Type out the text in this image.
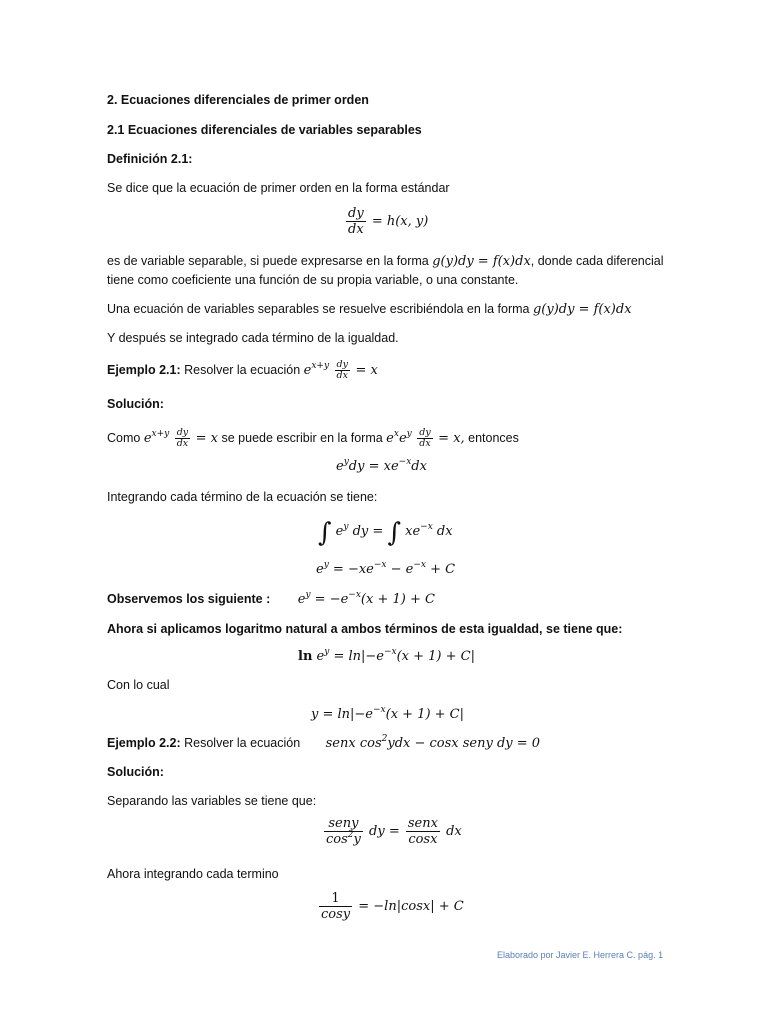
2. Ecuaciones diferenciales de primer orden
2.1 Ecuaciones diferenciales de variables separables
Definición 2.1:
Se dice que la ecuación de primer orden en la forma estándar
$\frac{dy}{dx} = h(x$, y)
es de variable separable, si puede expresarse en la forma g(y)dy = f(x)dx, donde cada diferencial
tiene como coeficiente una función de su propia variable, o una constante.
Una ecuación de variables separables se resuelve escribiéndola en la forma g(y)dy = f(x)dx
Y después se integrado cada término de la igualdad.
Ejemplo 2.1: Resolver la ecuación $e^{x+y} \frac{dy}{dx} = x$
Solución:
Como $e^{x+y} \frac{dy}{dx} = x$ se puede escribir en la forma $e^xe^y \frac{dy}{dx} = x$, entonces
$e^ydy = xe^{-x}dx$
Integrando cada término de la ecuación se tiene:
∫ $e^y$ dy = ∫ $xe^{-x}$ dx
$e^y = -xe^{-x} - e^{-x} + C$
Observemos los siguiente : $e^y = -e^{-x}(x + 1) + C$
Ahora si aplicamos logaritmo natural a ambos términos de esta igualdad, se tiene que:
$\ln e^y = \ln|-e^{-x}(x + 1) + C|$
Con lo cual
$y = \ln|-e^{-x}(x + 1) + C|$
Ejemplo 2.2: Resolver la ecuación senx $\cos^2ydx - \cos x$ seny dy = 0
Solución:
Separando las variables se tiene que:
$\frac{\text{seny}}{\cos^2y}$ dy = $\frac{\text{senx}}{\cos x}$ dx
Ahora integrando cada termino
$\frac{1}{\cos y} = -\ln|\cos x| + C$
Elaborado por Javier E. Herrera C. pág. 1
